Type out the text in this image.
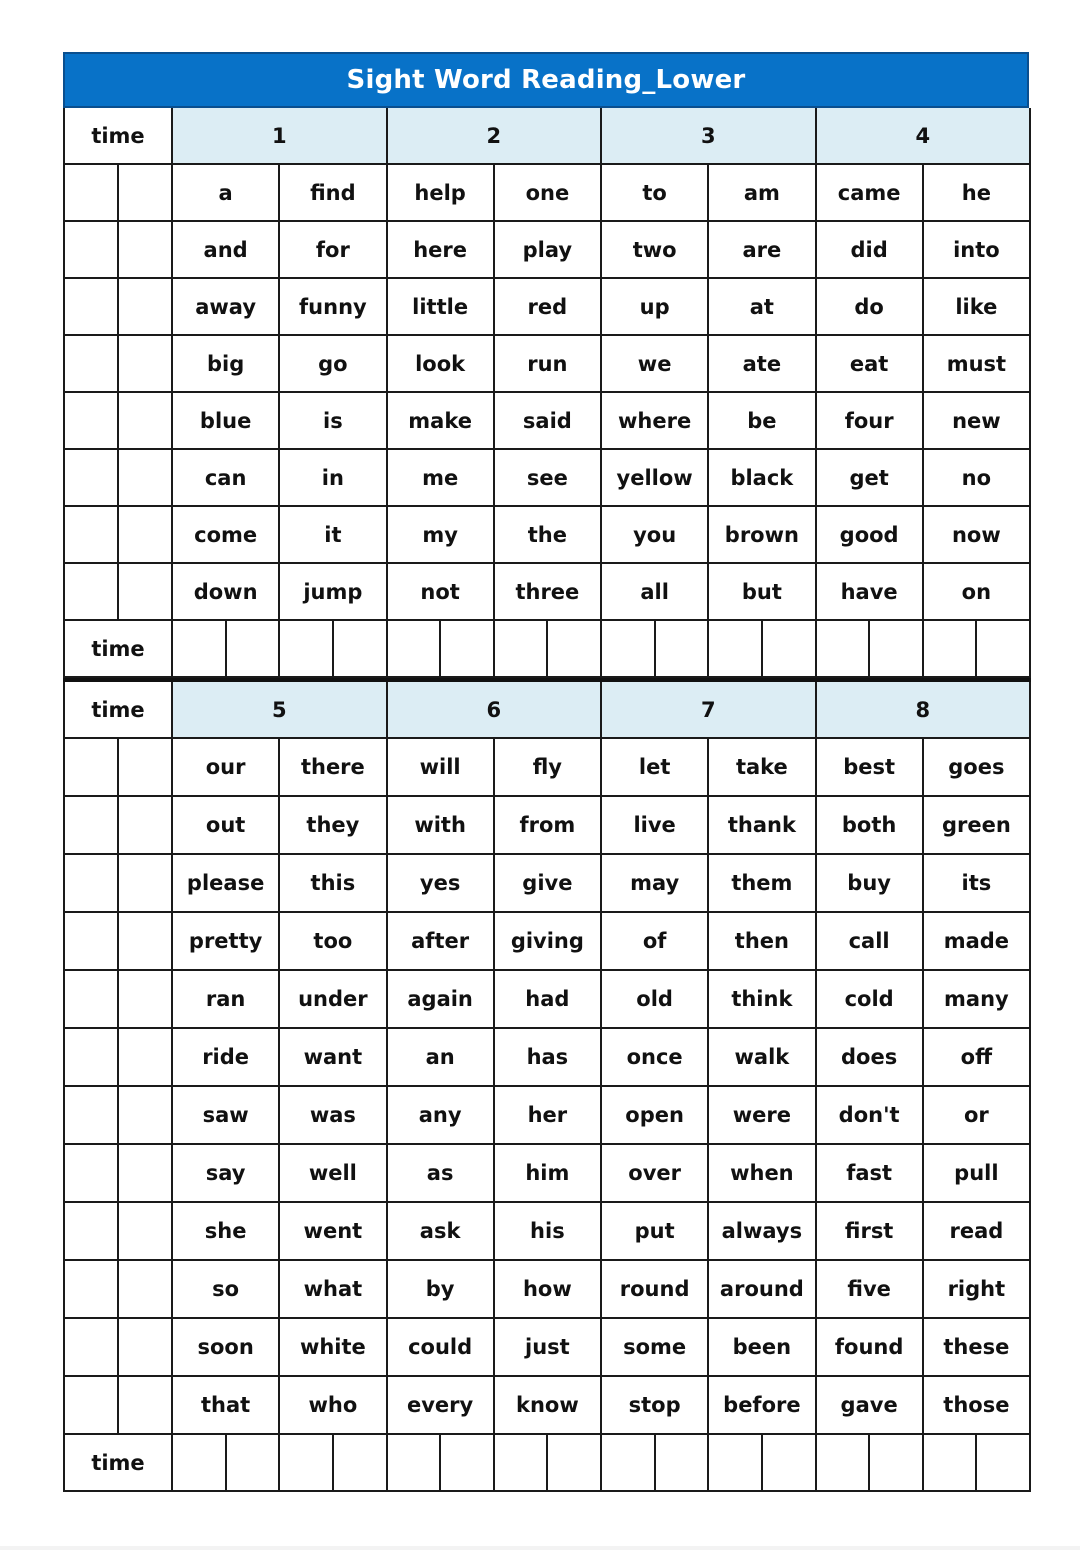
Sight Word Reading_Lower
time		1				2				3				4			
		a		find		help		one		to		am		came		he	
		and		for		here		play		two		are		did		into	
		away		funny		little		red		up		at		do		like	
		big		go		look		run		we		ate		eat		must	
		blue		is		make		said		where		be		four		new	
		can		in		me		see		yellow		black		get		no	
		come		it		my		the		you		brown		good		now	
		down		jump		not		three		all		but		have		on	
time																	
time		5				6				7				8			
		our		there		will		fly		let		take		best		goes	
		out		they		with		from		live		thank		both		green	
		please		this		yes		give		may		them		buy		its	
		pretty		too		after		giving		of		then		call		made	
		ran		under		again		had		old		think		cold		many	
		ride		want		an		has		once		walk		does		off	
		saw		was		any		her		open		were		don't		or	
		say		well		as		him		over		when		fast		pull	
		she		went		ask		his		put		always		first		read	
		so		what		by		how		round		around		five		right	
		soon		white		could		just		some		been		found		these	
		that		who		every		know		stop		before		gave		those	
time																	
